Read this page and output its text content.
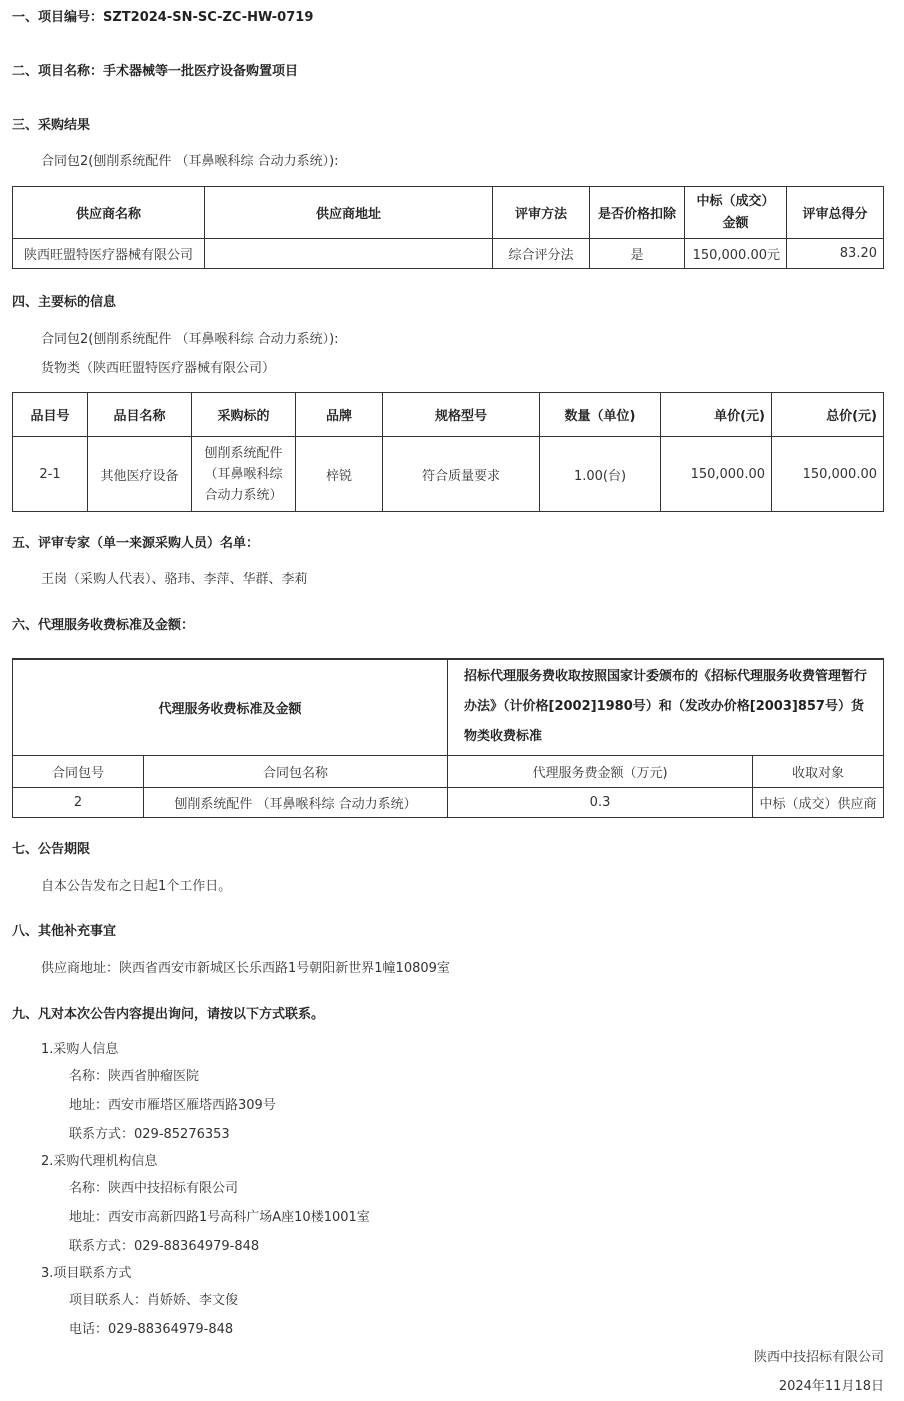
一、项目编号：SZT2024-SN-SC-ZC-HW-0719
二、项目名称：手术器械等一批医疗设备购置项目
三、采购结果
合同包2(刨削系统配件 （耳鼻喉科综 合动力系统）):
供应商名称	供应商地址	评审方法	是否价格扣除	中标（成交）金额	评审总得分
陕西旺盟特医疗器械有限公司		综合评分法	是	150,000.00元	83.20
四、主要标的信息
合同包2(刨削系统配件 （耳鼻喉科综 合动力系统）):
货物类（陕西旺盟特医疗器械有限公司）
品目号	品目名称	采购标的	品牌	规格型号	数量（单位)	单价(元)	总价(元)
2-1	其他医疗设备	刨削系统配件（耳鼻喉科综合动力系统）	梓锐	符合质量要求	1.00(台)	150,000.00	150,000.00
五、评审专家（单一来源采购人员）名单：
王岗（采购人代表）、骆玮、李萍、华群、李莉
六、代理服务收费标准及金额：
代理服务收费标准及金额		招标代理服务费收取按照国家计委颁布的《招标代理服务收费管理暂行办法》（计价格[2002]1980号）和（发改办价格[2003]857号）货物类收费标准	
合同包号	合同包名称	代理服务费金额（万元)	收取对象
2	刨削系统配件 （耳鼻喉科综 合动力系统）	0.3	中标（成交）供应商
七、公告期限
自本公告发布之日起1个工作日。
八、其他补充事宜
供应商地址：陕西省西安市新城区长乐西路1号朝阳新世界1幢10809室
九、凡对本次公告内容提出询问，请按以下方式联系。
1.采购人信息
名称：陕西省肿瘤医院
地址：西安市雁塔区雁塔西路309号
联系方式：029-85276353
2.采购代理机构信息
名称：陕西中技招标有限公司
地址：西安市高新四路1号高科广场A座10楼1001室
联系方式：029-88364979-848
3.项目联系方式
项目联系人：肖娇娇、李文俊
电话：029-88364979-848
陕西中技招标有限公司
2024年11月18日
